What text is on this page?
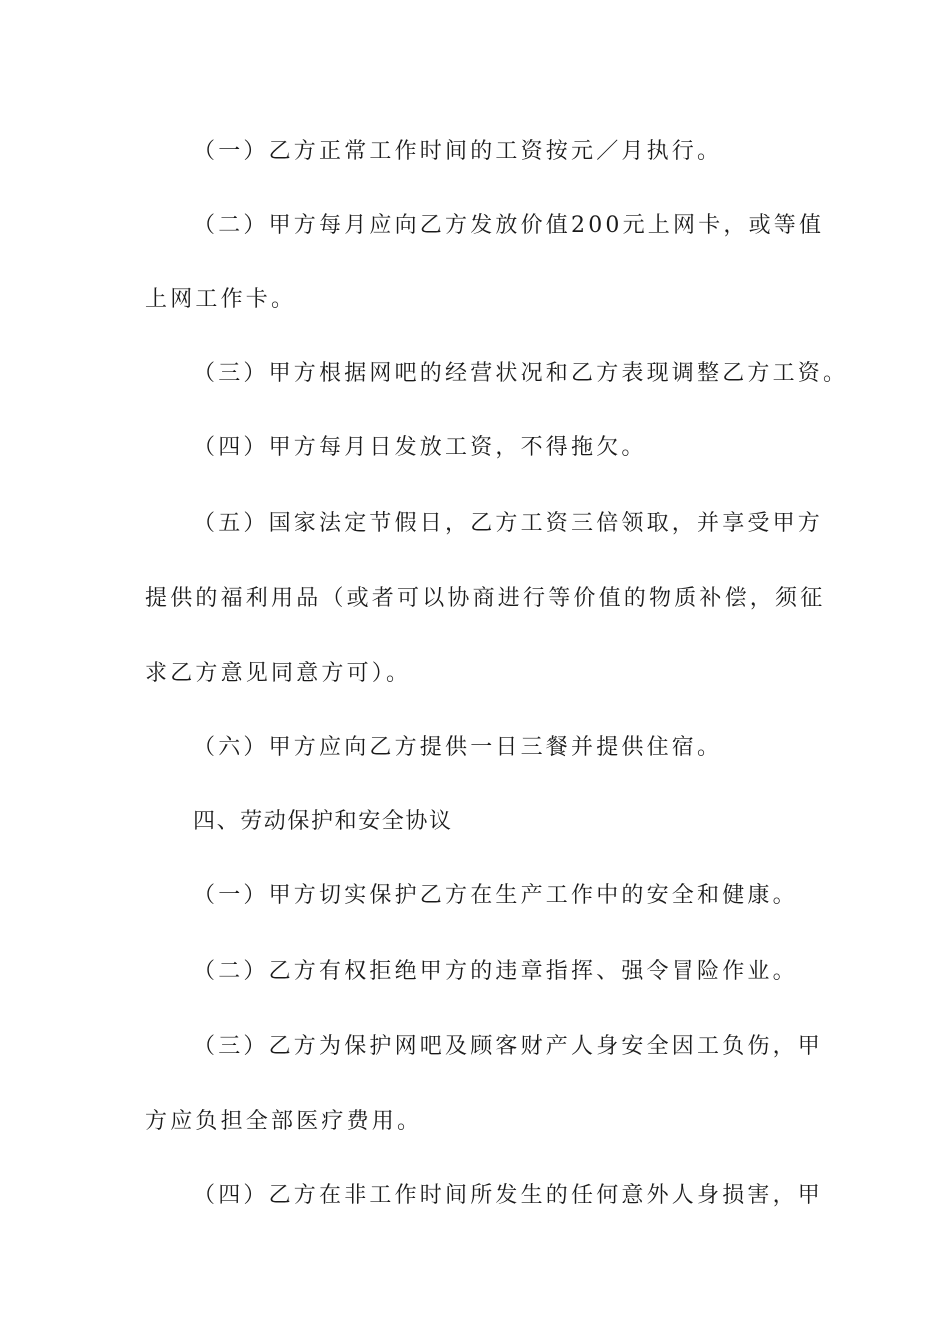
（一）乙方正常工作时间的工资按元／月执行。
（二）甲方每月应向乙方发放价值200元上网卡，或等值
上网工作卡。
（三）甲方根据网吧的经营状况和乙方表现调整乙方工资。
（四）甲方每月日发放工资，不得拖欠。
（五）国家法定节假日，乙方工资三倍领取，并享受甲方
提供的福利用品（或者可以协商进行等价值的物质补偿，须征
求乙方意见同意方可）。
（六）甲方应向乙方提供一日三餐并提供住宿。
四、劳动保护和安全协议
（一）甲方切实保护乙方在生产工作中的安全和健康。
（二）乙方有权拒绝甲方的违章指挥、强令冒险作业。
（三）乙方为保护网吧及顾客财产人身安全因工负伤，甲
方应负担全部医疗费用。
（四）乙方在非工作时间所发生的任何意外人身损害，甲
